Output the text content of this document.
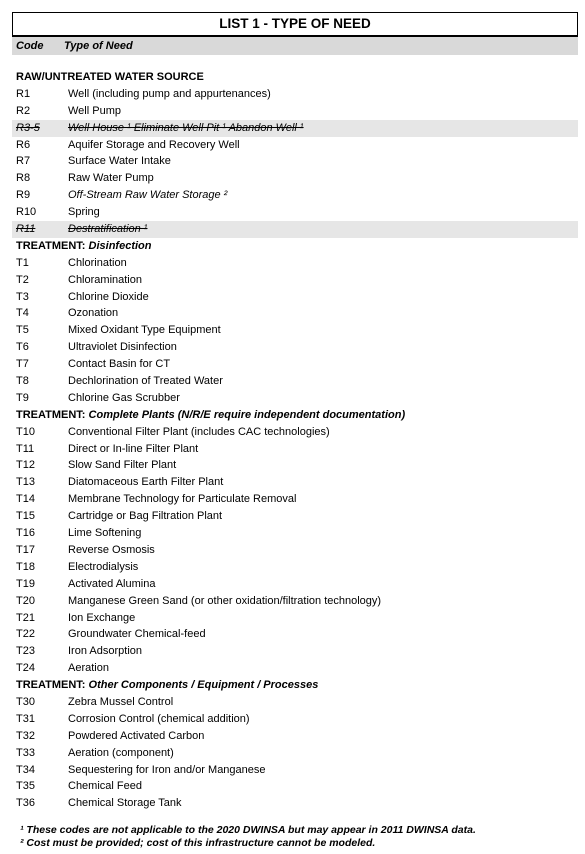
LIST 1 - TYPE OF NEED
Code Type of Need
RAW/UNTREATED WATER SOURCE
R1	Well (including pump and appurtenances)
R2	Well Pump
R3-5	Well House ¹ Eliminate Well Pit ¹ Abandon Well ¹
R6	Aquifer Storage and Recovery Well
R7	Surface Water Intake
R8	Raw Water Pump
R9	Off-Stream Raw Water Storage ²
R10	Spring
R11	Destratification ¹
TREATMENT: Disinfection
T1	Chlorination
T2	Chloramination
T3	Chlorine Dioxide
T4	Ozonation
T5	Mixed Oxidant Type Equipment
T6	Ultraviolet Disinfection
T7	Contact Basin for CT
T8	Dechlorination of Treated Water
T9	Chlorine Gas Scrubber
TREATMENT: Complete Plants (N/R/E require independent documentation)
T10	Conventional Filter Plant (includes CAC technologies)
T11	Direct or In-line Filter Plant
T12	Slow Sand Filter Plant
T13	Diatomaceous Earth Filter Plant
T14	Membrane Technology for Particulate Removal
T15	Cartridge or Bag Filtration Plant
T16	Lime Softening
T17	Reverse Osmosis
T18	Electrodialysis
T19	Activated Alumina
T20	Manganese Green Sand (or other oxidation/filtration technology)
T21	Ion Exchange
T22	Groundwater Chemical-feed
T23	Iron Adsorption
T24	Aeration
TREATMENT: Other Components / Equipment / Processes
T30	Zebra Mussel Control
T31	Corrosion Control (chemical addition)
T32	Powdered Activated Carbon
T33	Aeration (component)
T34	Sequestering for Iron and/or Manganese
T35	Chemical Feed
T36	Chemical Storage Tank
¹ These codes are not applicable to the 2020 DWINSA but may appear in 2011 DWINSA data.
² Cost must be provided; cost of this infrastructure cannot be modeled.
